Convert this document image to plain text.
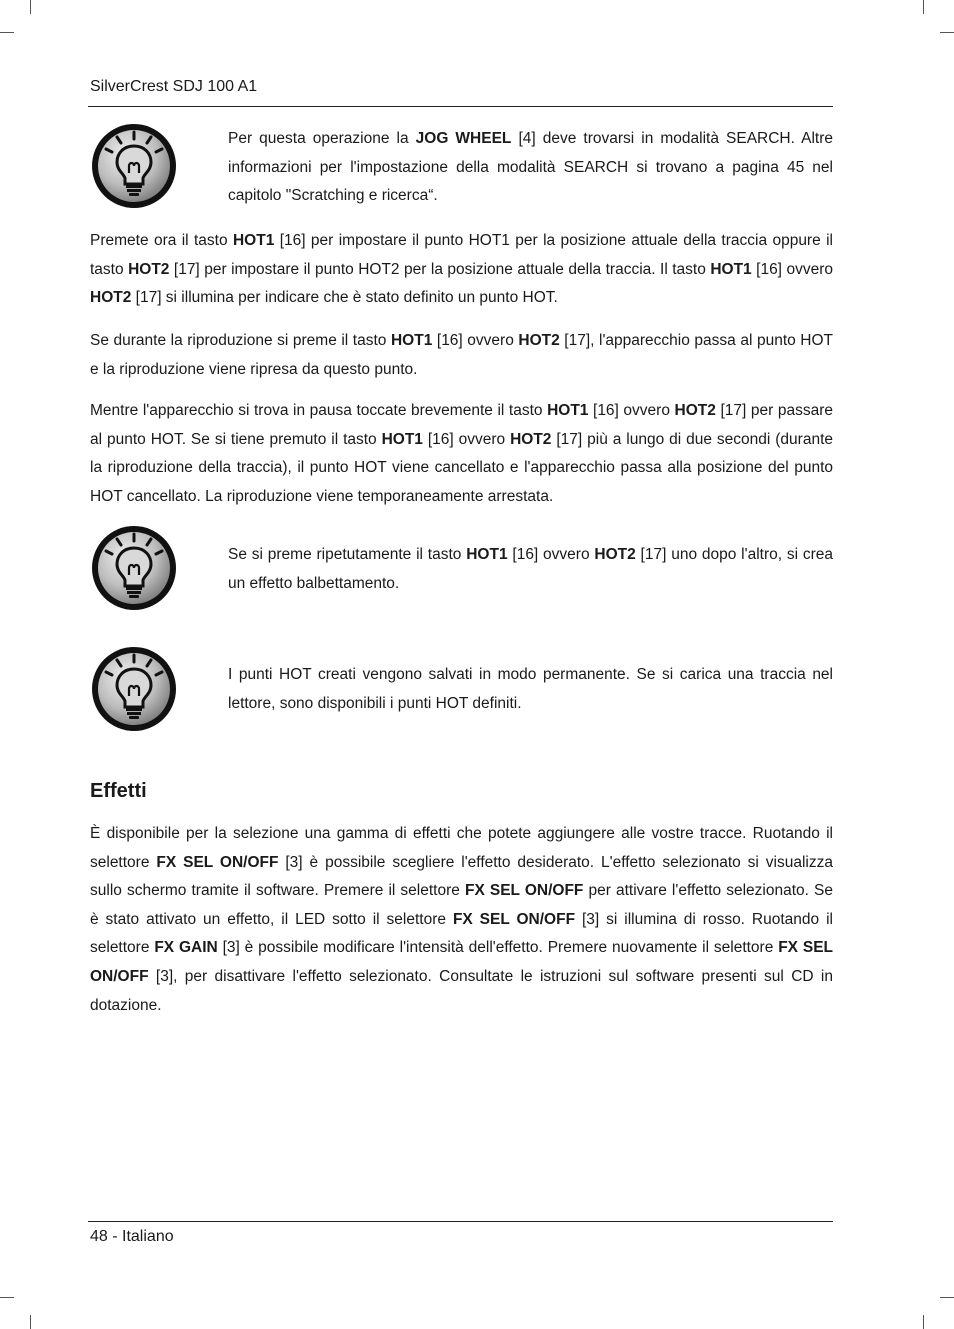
SilverCrest SDJ 100 A1

Per questa operazione la JOG WHEEL [4] deve trovarsi in modalità SEARCH. Altre informazioni per l'impostazione della modalità SEARCH si trovano a pagina 45 nel capitolo "Scratching e ricerca“.

Premete ora il tasto HOT1 [16] per impostare il punto HOT1 per la posizione attuale della traccia oppure il tasto HOT2 [17] per impostare il punto HOT2 per la posizione attuale della traccia. Il tasto HOT1 [16] ovvero HOT2 [17] si illumina per indicare che è stato definito un punto HOT.

Se durante la riproduzione si preme il tasto HOT1 [16] ovvero HOT2 [17], l'apparecchio passa al punto HOT e la riproduzione viene ripresa da questo punto.

Mentre l'apparecchio si trova in pausa toccate brevemente il tasto HOT1 [16] ovvero HOT2 [17] per passare al punto HOT. Se si tiene premuto il tasto HOT1 [16] ovvero HOT2 [17] più a lungo di due secondi (durante la riproduzione della traccia), il punto HOT viene cancellato e l'apparecchio passa alla posizione del punto HOT cancellato. La riproduzione viene temporaneamente arrestata.

Se si preme ripetutamente il tasto HOT1 [16] ovvero HOT2 [17] uno dopo l'altro, si crea un effetto balbettamento.

I punti HOT creati vengono salvati in modo permanente. Se si carica una traccia nel lettore, sono disponibili i punti HOT definiti.

Effetti

È disponibile per la selezione una gamma di effetti che potete aggiungere alle vostre tracce. Ruotando il selettore FX SEL ON/OFF [3] è possibile scegliere l'effetto desiderato. L'effetto selezionato si visualizza sullo schermo tramite il software. Premere il selettore FX SEL ON/OFF per attivare l'effetto selezionato. Se è stato attivato un effetto, il LED sotto il selettore FX SEL ON/OFF [3] si illumina di rosso. Ruotando il selettore FX GAIN [3] è possibile modificare l'intensità dell'effetto. Premere nuovamente il selettore FX SEL ON/OFF [3], per disattivare l'effetto selezionato. Consultate le istruzioni sul software presenti sul CD in dotazione.

48 - Italiano
